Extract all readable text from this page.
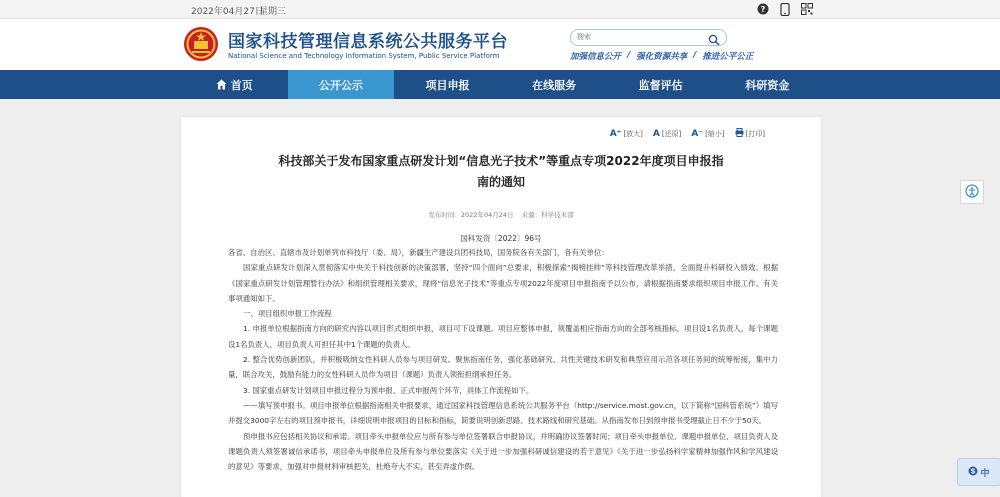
2022年04月27日
星期三	?
国家科技管理信息系统公共服务平台
National Science and Technology Information System, Public Service Platform
搜索	加强信息公开 / 强化资源共享 / 推进公平公正
首页	公开公示	项目申报	在线服务	监督评估	科研资金
A⁺ [放大] A [还原] A⁻ [缩小]	[打印]
科技部关于发布国家重点研发计划“信息光子技术”等重点专项2022年度项目申报指
南的通知
发布时间：2022年04月24日 来源：科学技术部
国科发资〔2022〕96号

各省、自治区、直辖市及计划单列市科技厅（委、局），新疆生产建设兵团科技局，国务院各有关部门，各有关单位：

国家重点研发计划深入贯彻落实中央关于科技创新的决策部署，坚持“四个面向”总要求，积极探索“揭榜挂帅”等科技管理改革举措，全面提升科研投入绩效。根据《国家重点研发计划管理暂行办法》和组织管理相关要求，现将“信息光子技术”等重点专项2022年度项目申报指南予以公布，请根据指南要求组织项目申报工作。有关事项通知如下。

一、项目组织申报工作流程

1. 申报单位根据指南方向的研究内容以项目形式组织申报，项目可下设课题。项目应整体申报，须覆盖相应指南方向的全部考核指标。项目设1名负责人，每个课题设1名负责人，项目负责人可担任其中1个课题的负责人。

2. 整合优势创新团队，并积极吸纳女性科研人员参与项目研发。聚焦指南任务，强化基础研究、共性关键技术研发和典型应用示范各项任务间的统筹衔接，集中力量，联合攻关，鼓励有能力的女性科研人员作为项目（课题）负责人领衔担纲承担任务。

3. 国家重点研发计划项目申报过程分为预申报、正式申报两个环节，具体工作流程如下。

——填写预申报书。项目申报单位根据指南相关申报要求，通过国家科技管理信息系统公共服务平台（http://service.most.gov.cn，以下简称“国科管系统”）填写并提交3000字左右的项目预申报书，详细说明申报项目的目标和指标，简要说明创新思路、技术路线和研究基础。从指南发布日到预申报书受理截止日不少于50天。

预申报书应包括相关协议和承诺。项目牵头申报单位应与所有参与单位签署联合申报协议，并明确协议签署时间；项目牵头申报单位、课题申报单位、项目负责人及课题负责人须签署诚信承诺书，项目牵头申报单位及所有参与单位要落实《关于进一步加强科研诚信建设的若干意见》《关于进一步弘扬科学家精神加强作风和学风建设的意见》等要求，加强对申报材料审核把关，杜绝夸大不实，甚至弄虚作假。	S 中
